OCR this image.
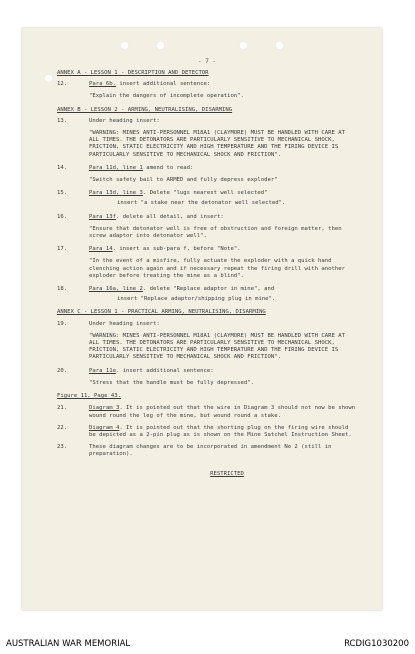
- 7 -
ANNEX A - LESSON 1 - DESCRIPTION AND DETECTOR
12.	Para 6b. insert additional sentence:
"Explain the dangers of incomplete operation".
ANNEX B - LESSON 2 - ARMING, NEUTRALISING, DISARMING
13.	Under heading insert:
"WARNING: MINES ANTI-PERSONNEL M18A1 (CLAYMORE) MUST BE HANDLED WITH CARE AT ALL TIMES. THE DETONATORS ARE PARTICULARLY SENSITIVE TO MECHANICAL SHOCK, FRICTION, STATIC ELECTRICITY AND HIGH TEMPERATURE AND THE FIRING DEVICE IS PARTICULARLY SENSITIVE TO MECHANICAL SHOCK AND FRICTION".
14.	Para 11d, line 1 amend to read:
"Switch safety bail to ARMED and fully depress exploder"
15.	Para 13d, line 3. Delete "lugs nearest well selected"
insert "a stake near the detonator well selected".
16.	Para 13f. delete all detail, and insert:
"Ensure that detonator well is free of obstruction and foreign matter, then screw adaptor into detonator well".
17.	Para 14. insert as sub-para f, before "Note".
"In the event of a misfire, fully actuate the exploder with a quick hand clenching action again and if necessary repeat the firing drill with another exploder before treating the mine as a blind".
18.	Para 16a, line 2. delete "Replace adaptor in mine", and
insert "Replace adaptor/shipping plug in mine".
ANNEX C - LESSON 1 - PRACTICAL ARMING, NEUTRALISING, DISARMING
19.	Under heading insert:
"WARNING: MINES ANTI-PERSONNEL M18A1 (CLAYMORE) MUST BE HANDLED WITH CARE AT ALL TIMES. THE DETONATORS ARE PARTICULARLY SENSITIVE TO MECHANICAL SHOCK, FRICTION, STATIC ELECTRICITY AND HIGH TEMPERATURE AND THE FIRING DEVICE IS PARTICULARLY SENSITIVE TO MECHANICAL SHOCK AND FRICTION".
20.	Para 11e. insert additional sentence:
"Stress that the handle must be fully depressed".
Figure 11, Page 43.
21.	Diagram 3. It is pointed out that the wire in Diagram 3 should not now be shown wound round the leg of the mine, but wound round a stake.
22.	Diagram 4. It is pointed out that the shorting plug on the firing wire should be depicted as a 2-pin plug as is shown on the Mine Satchel Instruction Sheet.
23.	These diagram changes are to be incorporated in amendment No 2 (still in preparation).
RESTRICTED
AUSTRALIAN WAR MEMORIAL	RCDIG1030200
